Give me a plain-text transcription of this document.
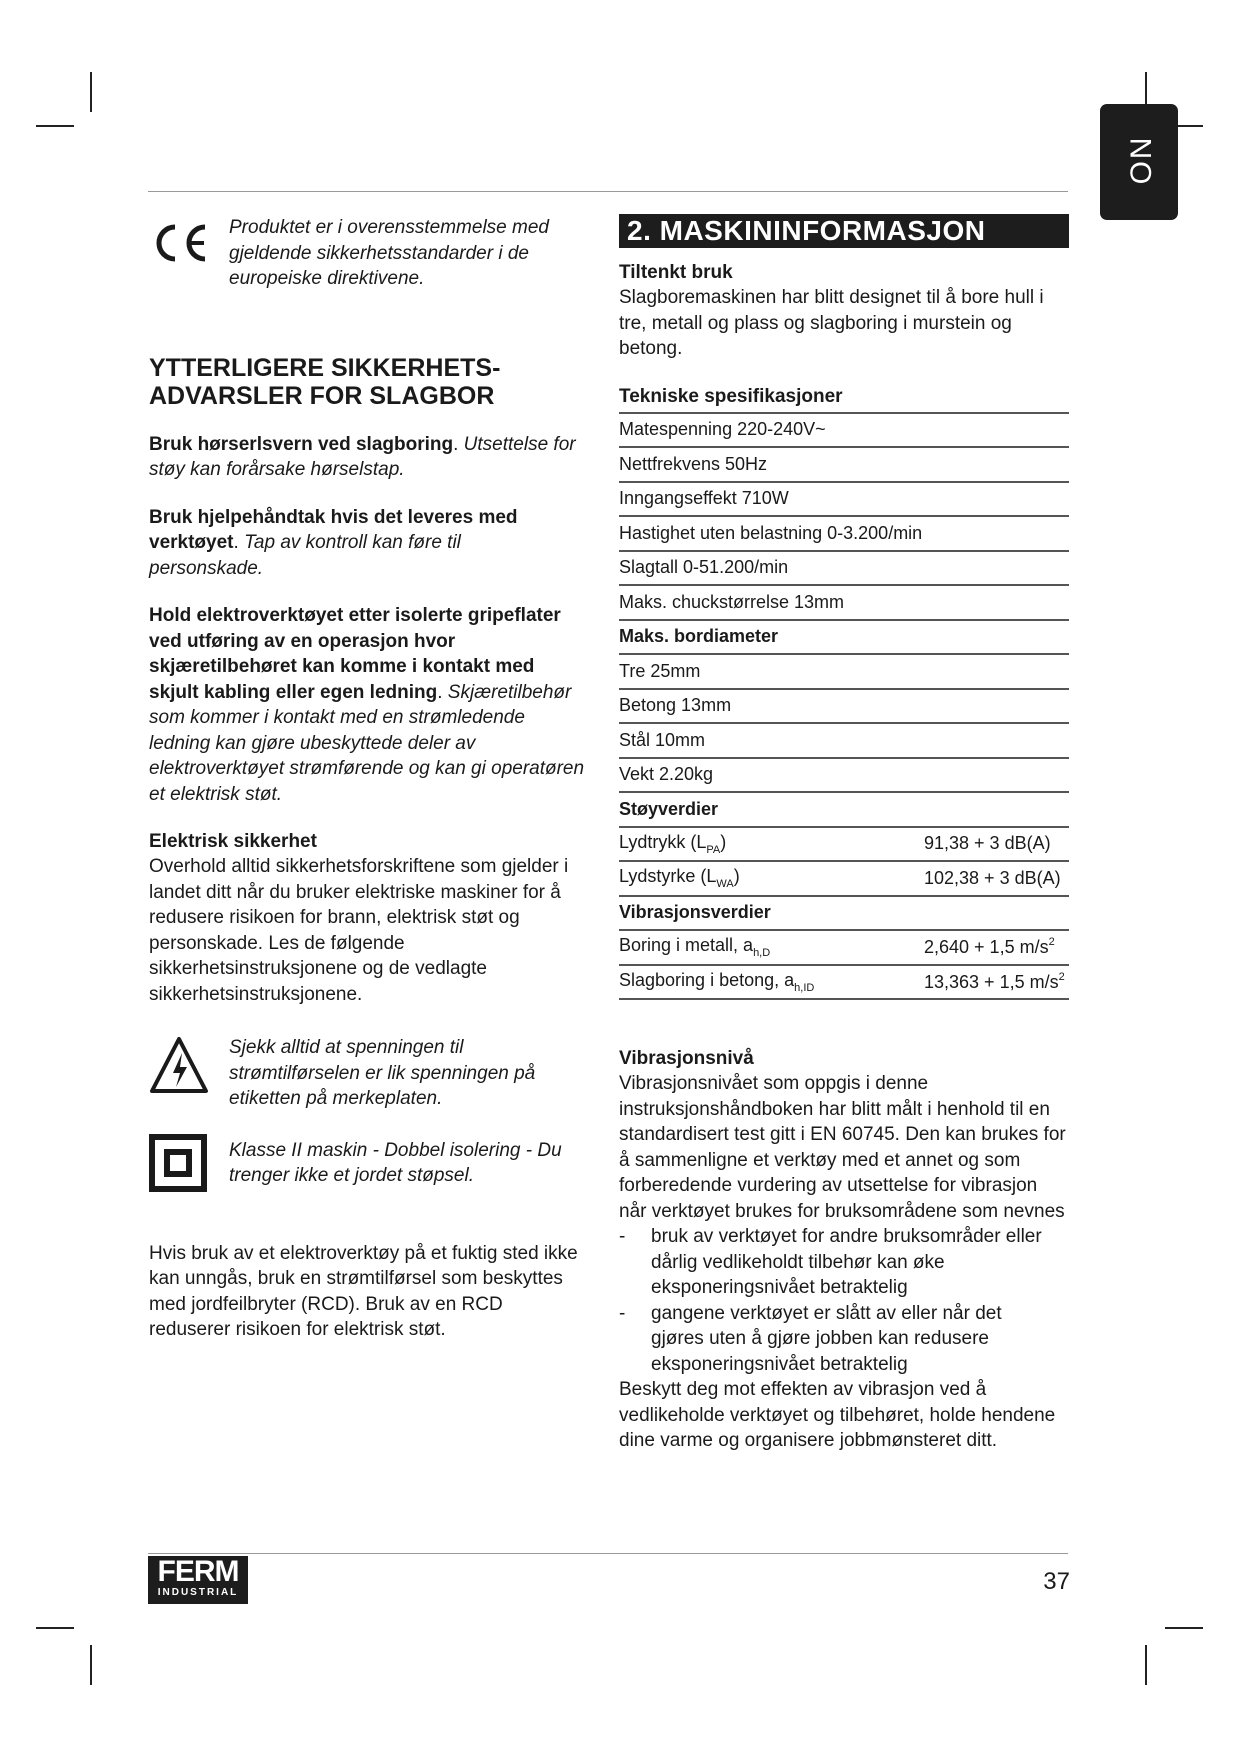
NO

Produktet er i overensstemmelse med gjeldende sikkerhetsstandarder i de europeiske direktivene.

YTTERLIGERE SIKKERHETS-

ADVARSLER FOR SLAGBOR

Bruk hørserlsvern ved slagboring. Utsettelse for støy kan forårsake hørselstap.

Bruk hjelpehåndtak hvis det leveres med verktøyet. Tap av kontroll kan føre til personskade.

Hold elektroverktøyet etter isolerte gripeflater ved utføring av en operasjon hvor skjæretilbehøret kan komme i kontakt med skjult kabling eller egen ledning. Skjæretilbehør som kommer i kontakt med en strømledende ledning kan gjøre ubeskyttede deler av elektroverktøyet strømførende og kan gi operatøren et elektrisk støt.

Elektrisk sikkerhet

Overhold alltid sikkerhetsforskriftene som gjelder i landet ditt når du bruker elektriske maskiner for å redusere risikoen for brann, elektrisk støt og personskade. Les de følgende sikkerhetsinstruksjonene og de vedlagte sikkerhetsinstruksjonene.

Sjekk alltid at spenningen til strømtilførselen er lik spenningen på etiketten på merkeplaten.

Klasse II maskin - Dobbel isolering - Du trenger ikke et jordet støpsel.

Hvis bruk av et elektroverktøy på et fuktig sted ikke kan unngås, bruk en strømtilførsel som beskyttes med jordfeilbryter (RCD). Bruk av en RCD reduserer risikoen for elektrisk støt.

2. MASKININFORMASJON

Tiltenkt bruk

Slagboremaskinen har blitt designet til å bore hull i tre, metall og plass og slagboring i murstein og betong.

Tekniske spesifikasjoner

Matespenning 220-240V~	
Nettfrekvens 50Hz	
Inngangseffekt 710W	
Hastighet uten belastning 0-3.200/min	
Slagtall 0-51.200/min	
Maks. chuckstørrelse 13mm	
Maks. bordiameter	
Tre 25mm	
Betong 13mm	
Stål 10mm	
Vekt 2.20kg	
Støyverdier	
Lydtrykk $(L_{PA})$	91,38 + 3 dB(A)
Lydstyrke $(L_{WA})$	102,38 + 3 dB(A)
Vibrasjonsverdier	
Boring i metall, $a_{h,D}$	2,640 + 1,5 $m/s^2$
Slagboring i betong, $a_{h,ID}$	13,363 + 1,5 $m/s^2$

Vibrasjonsnivå

Vibrasjonsnivået som oppgis i denne instruksjonshåndboken har blitt målt i henhold til en standardisert test gitt i EN 60745. Den kan brukes for å sammenligne et verktøy med et annet og som forberedende vurdering av utsettelse for vibrasjon når verktøyet brukes for bruksområdene som nevnes

-	bruk av verktøyet for andre bruksområder eller dårlig vedlikeholdt tilbehør kan øke eksponeringsnivået betraktelig

-	gangene verktøyet er slått av eller når det gjøres uten å gjøre jobben kan redusere eksponeringsnivået betraktelig

Beskytt deg mot effekten av vibrasjon ved å vedlikeholde verktøyet og tilbehøret, holde hendene dine varme og organisere jobbmønsteret ditt.

FERM
INDUSTRIAL	37
